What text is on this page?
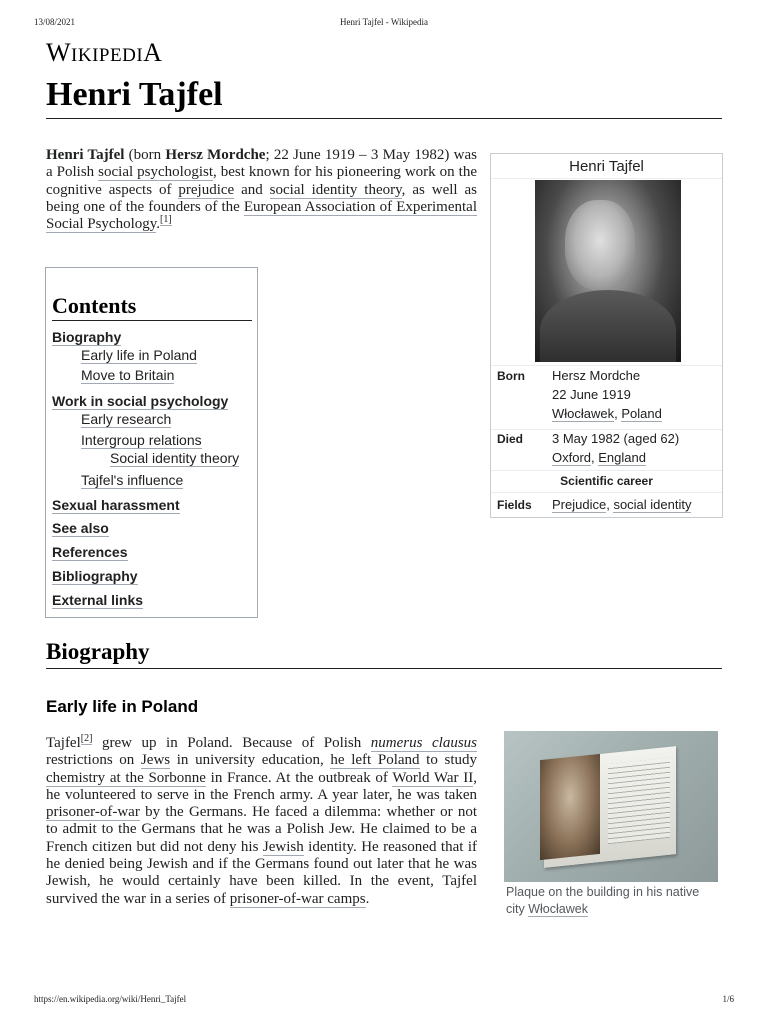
13/08/2021	Henri Tajfel - Wikipedia
https://en.wikipedia.org/wiki/Henri_Tajfel	1/6
WIKIPEDIA
Henri Tajfel
Henri Tajfel (born Hersz Mordche; 22 June 1919 – 3 May 1982) was a Polish social psychologist, best known for his pioneering work on the cognitive aspects of prejudice and social identity theory, as well as being one of the founders of the European Association of Experimental Social Psychology.[1]
Contents
Biography
Early life in Poland
Move to Britain
Work in social psychology
Early research
Intergroup relations
Social identity theory
Tajfel's influence
Sexual harassment
See also
References
Bibliography
External links
Henri Tajfel
Born Hersz Mordche
22 June 1919
Włocławek, Poland
Died 3 May 1982 (aged 62)
Oxford, England
Scientific career
Fields Prejudice, social identity
Biography
Early life in Poland
Tajfel[2] grew up in Poland. Because of Polish numerus clausus restrictions on Jews in university education, he left Poland to study chemistry at the Sorbonne in France. At the outbreak of World War II, he volunteered to serve in the French army. A year later, he was taken prisoner-of-war by the Germans. He faced a dilemma: whether or not to admit to the Germans that he was a Polish Jew. He claimed to be a French citizen but did not deny his Jewish identity. He reasoned that if he denied being Jewish and if the Germans found out later that he was Jewish, he would certainly have been killed. In the event, Tajfel survived the war in a series of prisoner-of-war camps.	Plaque on the building in his native city Włocławek
